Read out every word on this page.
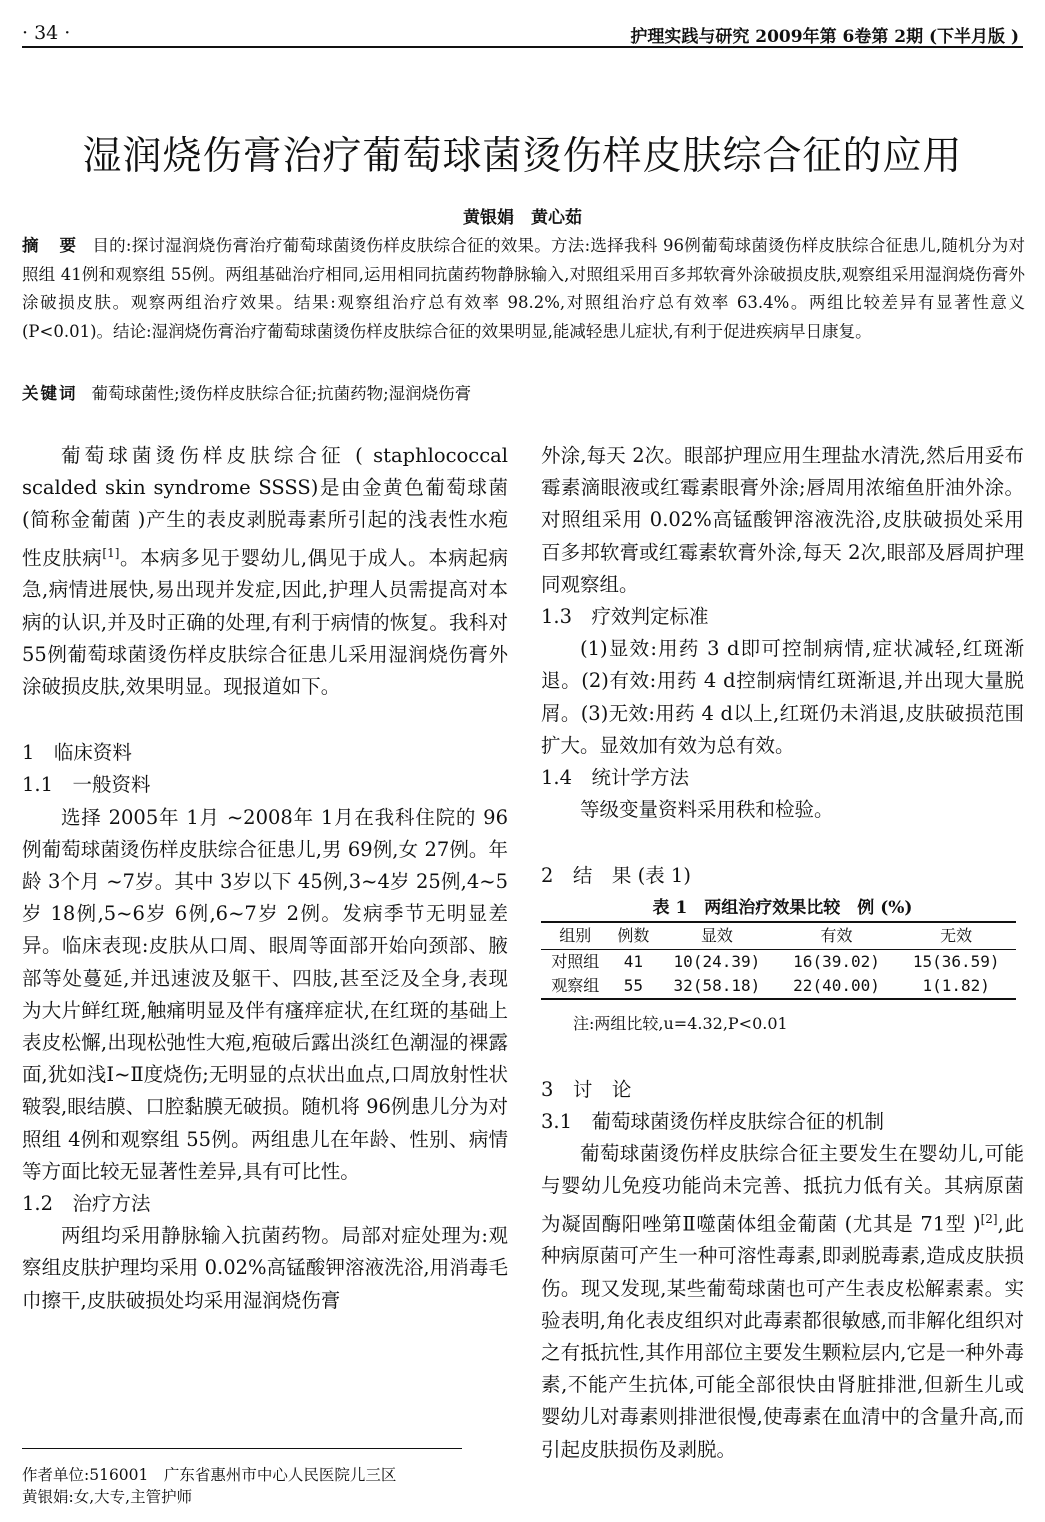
· 34 ·	护理实践与研究 2009年第 6卷第 2期 (下半月版 )
湿润烧伤膏治疗葡萄球菌烫伤样皮肤综合征的应用
黄银娟　黄心茹
摘　要 目的:探讨湿润烧伤膏治疗葡萄球菌烫伤样皮肤综合征的效果。方法:选择我科 96例葡萄球菌烫伤样皮肤综合征患儿,随机分为对照组 41例和观察组 55例。两组基础治疗相同,运用相同抗菌药物静脉输入,对照组采用百多邦软膏外涂破损皮肤,观察组采用湿润烧伤膏外涂破损皮肤。观察两组治疗效果。结果:观察组治疗总有效率 98.2%,对照组治疗总有效率 63.4%。两组比较差异有显著性意义 (P<0.01)。结论:湿润烧伤膏治疗葡萄球菌烫伤样皮肤综合征的效果明显,能减轻患儿症状,有利于促进疾病早日康复。
关键词 葡萄球菌性;烫伤样皮肤综合征;抗菌药物;湿润烧伤膏

葡萄球菌烫伤样皮肤综合征 ( staphlococcal scalded skin syndrome SSSS)是由金黄色葡萄球菌 (简称金葡菌 )产生的表皮剥脱毒素所引起的浅表性水疱性皮肤病[1]。本病多见于婴幼儿,偶见于成人。本病起病急,病情进展快,易出现并发症,因此,护理人员需提高对本病的认识,并及时正确的处理,有利于病情的恢复。我科对 55例葡萄球菌烫伤样皮肤综合征患儿采用湿润烧伤膏外涂破损皮肤,效果明显。现报道如下。

1　临床资料
1.1　一般资料

选择 2005年 1月 ~2008年 1月在我科住院的 96例葡萄球菌烫伤样皮肤综合征患儿,男 69例,女 27例。年龄 3个月 ~7岁。其中 3岁以下 45例,3~4岁 25例,4~5岁 18例,5~6岁 6例,6~7岁 2例。发病季节无明显差异。临床表现:皮肤从口周、眼周等面部开始向颈部、腋部等处蔓延,并迅速波及躯干、四肢,甚至泛及全身,表现为大片鲜红斑,触痛明显及伴有瘙痒症状,在红斑的基础上表皮松懈,出现松弛性大疱,疱破后露出淡红色潮湿的裸露面,犹如浅Ⅰ~Ⅱ度烧伤;无明显的点状出血点,口周放射性状皲裂,眼结膜、口腔黏膜无破损。随机将 96例患儿分为对照组 4例和观察组 55例。两组患儿在年龄、性别、病情等方面比较无显著性差异,具有可比性。

1.2　治疗方法

两组均采用静脉输入抗菌药物。局部对症处理为:观察组皮肤护理均采用 0.02%高锰酸钾溶液洗浴,用消毒毛巾擦干,皮肤破损处均采用湿润烧伤膏

外涂,每天 2次。眼部护理应用生理盐水清洗,然后用妥布霉素滴眼液或红霉素眼膏外涂;唇周用浓缩鱼肝油外涂。对照组采用 0.02%高锰酸钾溶液洗浴,皮肤破损处采用百多邦软膏或红霉素软膏外涂,每天 2次,眼部及唇周护理同观察组。

1.3　疗效判定标准

(1)显效:用药 3 d即可控制病情,症状减轻,红斑渐退。(2)有效:用药 4 d控制病情红斑渐退,并出现大量脱屑。(3)无效:用药 4 d以上,红斑仍未消退,皮肤破损范围扩大。显效加有效为总有效。

1.4　统计学方法

等级变量资料采用秩和检验。

2　结　果 (表 1)
表 1　两组治疗效果比较　例 (%)
组别	例数	显效	有效	无效
对照组	41	10(24.39)	16(39.02)	15(36.59)
观察组	55	32(58.18)	22(40.00)	1(1.82)
注:两组比较,u=4.32,P<0.01
3　讨　论
3.1　葡萄球菌烫伤样皮肤综合征的机制

葡萄球菌烫伤样皮肤综合征主要发生在婴幼儿,可能与婴幼儿免疫功能尚未完善、抵抗力低有关。其病原菌为凝固酶阳唑第Ⅱ噬菌体组金葡菌 (尤其是 71型 )[2],此种病原菌可产生一种可溶性毒素,即剥脱毒素,造成皮肤损伤。现又发现,某些葡萄球菌也可产生表皮松解素素。实验表明,角化表皮组织对此毒素都很敏感,而非解化组织对之有抵抗性,其作用部位主要发生颗粒层内,它是一种外毒素,不能产生抗体,可能全部很快由肾脏排泄,但新生儿或婴幼儿对毒素则排泄很慢,使毒素在血清中的含量升高,而引起皮肤损伤及剥脱。

作者单位:516001　广东省惠州市中心人民医院儿三区
黄银娟:女,大专,主管护师
